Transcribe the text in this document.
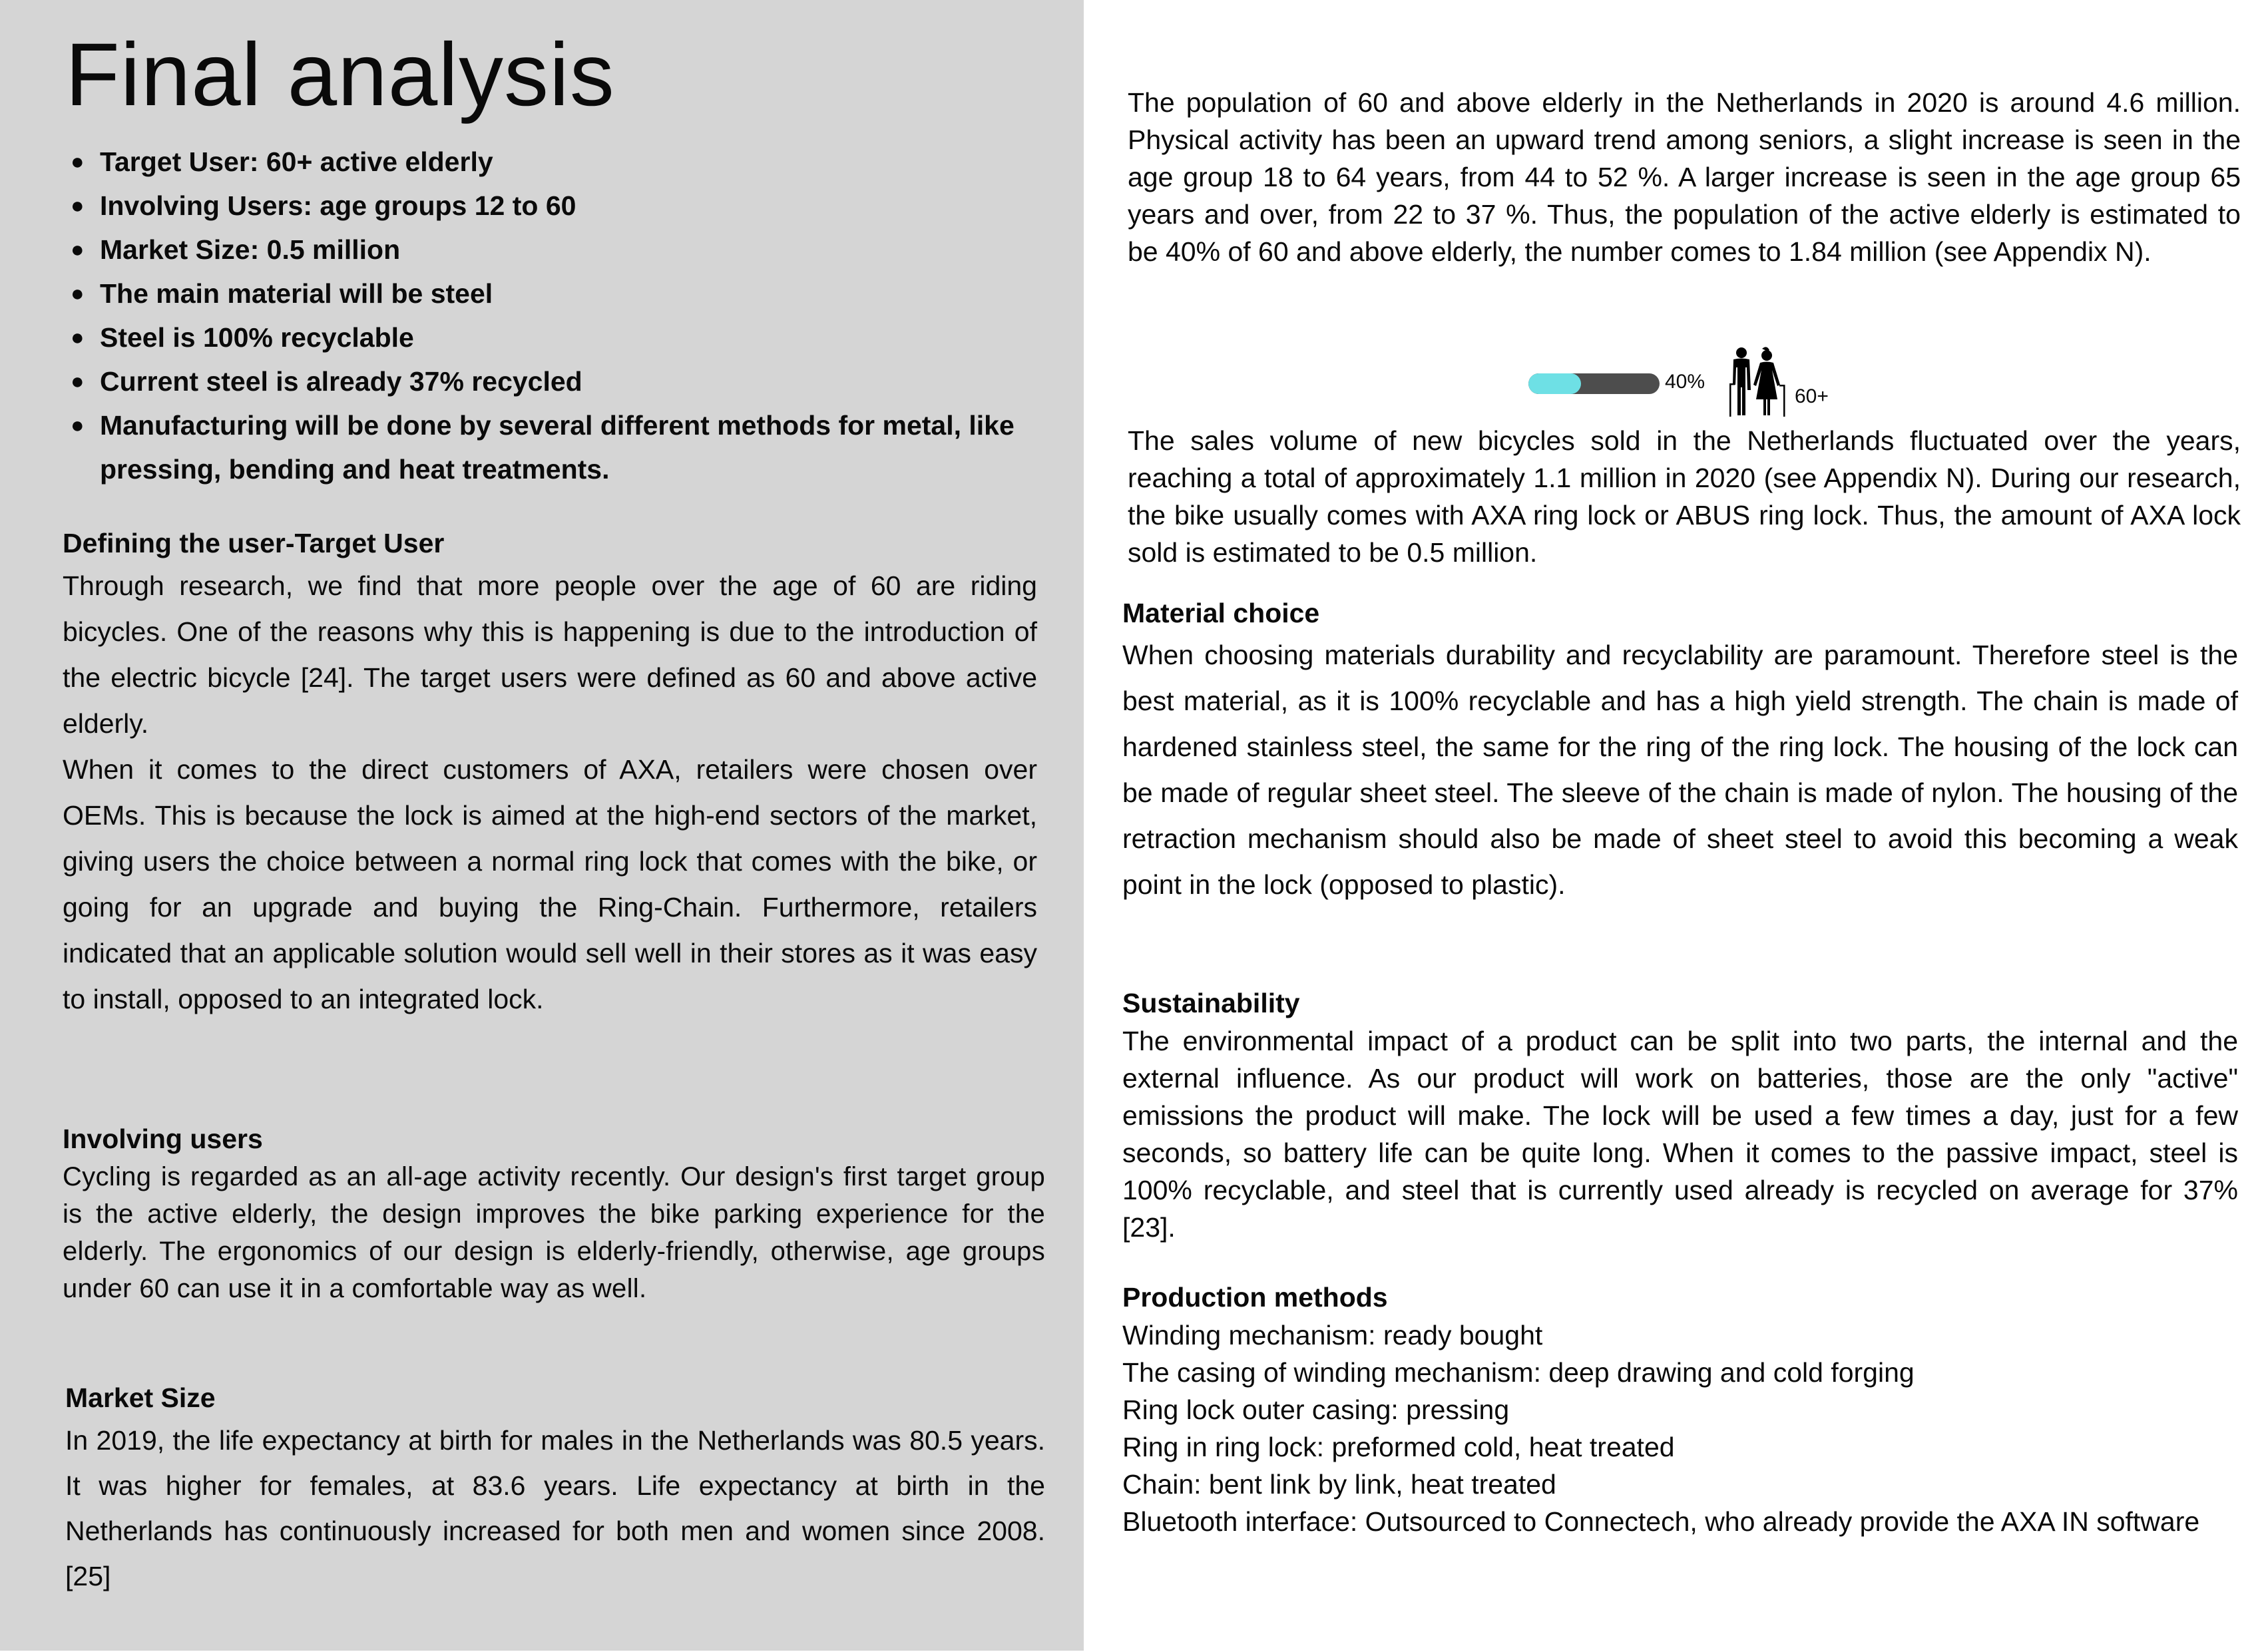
Final analysis
● Target User: 60+ active elderly
● Involving Users: age groups 12 to 60
● Market Size: 0.5 million
● The main material will be steel
● Steel is 100% recyclable
● Current steel is already 37% recycled
● Manufacturing will be done by several different methods for metal, like pressing, bending and heat treatments.
Defining the user-Target User

Through research, we find that more people over the age of 60 are riding bicycles. One of the reasons why this is happening is due to the introduction of the electric bicycle [24]. The target users were defined as 60 and above active elderly.

When it comes to the direct customers of AXA, retailers were chosen over OEMs. This is because the lock is aimed at the high-end sectors of the market, giving users the choice between a normal ring lock that comes with the bike, or going for an upgrade and buying the Ring-Chain. Furthermore, retailers indicated that an applicable solution would sell well in their stores as it was easy to install, opposed to an integrated lock.

Involving users

Cycling is regarded as an all-age activity recently. Our design's first target group is the active elderly, the design improves the bike parking experience for the elderly. The ergonomics of our design is elderly-friendly, otherwise, age groups under 60 can use it in a comfortable way as well.

Market Size

In 2019, the life expectancy at birth for males in the Netherlands was 80.5 years. It was higher for females, at 83.6 years. Life expectancy at birth in the Netherlands has continuously increased for both men and women since 2008. [25]

The population of 60 and above elderly in the Netherlands in 2020 is around 4.6 million. Physical activity has been an upward trend among seniors, a slight increase is seen in the age group 18 to 64 years, from 44 to 52 %. A larger increase is seen in the age group 65 years and over, from 22 to 37 %. Thus, the population of the active elderly is estimated to be 40% of 60 and above elderly, the number comes to 1.84 million (see Appendix N).

40%
60+

The sales volume of new bicycles sold in the Netherlands fluctuated over the years, reaching a total of approximately 1.1 million in 2020 (see Appendix N). During our research, the bike usually comes with AXA ring lock or ABUS ring lock. Thus, the amount of AXA lock sold is estimated to be 0.5 million.

Material choice

When choosing materials durability and recyclability are paramount. Therefore steel is the best material, as it is 100% recyclable and has a high yield strength. The chain is made of hardened stainless steel, the same for the ring of the ring lock. The housing of the lock can be made of regular sheet steel. The sleeve of the chain is made of nylon. The housing of the retraction mechanism should also be made of sheet steel to avoid this becoming a weak point in the lock (opposed to plastic).

Sustainability

The environmental impact of a product can be split into two parts, the internal and the external influence. As our product will work on batteries, those are the only "active" emissions the product will make. The lock will be used a few times a day, just for a few seconds, so battery life can be quite long. When it comes to the passive impact, steel is 100% recyclable, and steel that is currently used already is recycled on average for 37% [23].

Production methods
Winding mechanism: ready bought
The casing of winding mechanism: deep drawing and cold forging
Ring lock outer casing: pressing
Ring in ring lock: preformed cold, heat treated
Chain: bent link by link, heat treated
Bluetooth interface: Outsourced to Connectech, who already provide the AXA IN software
